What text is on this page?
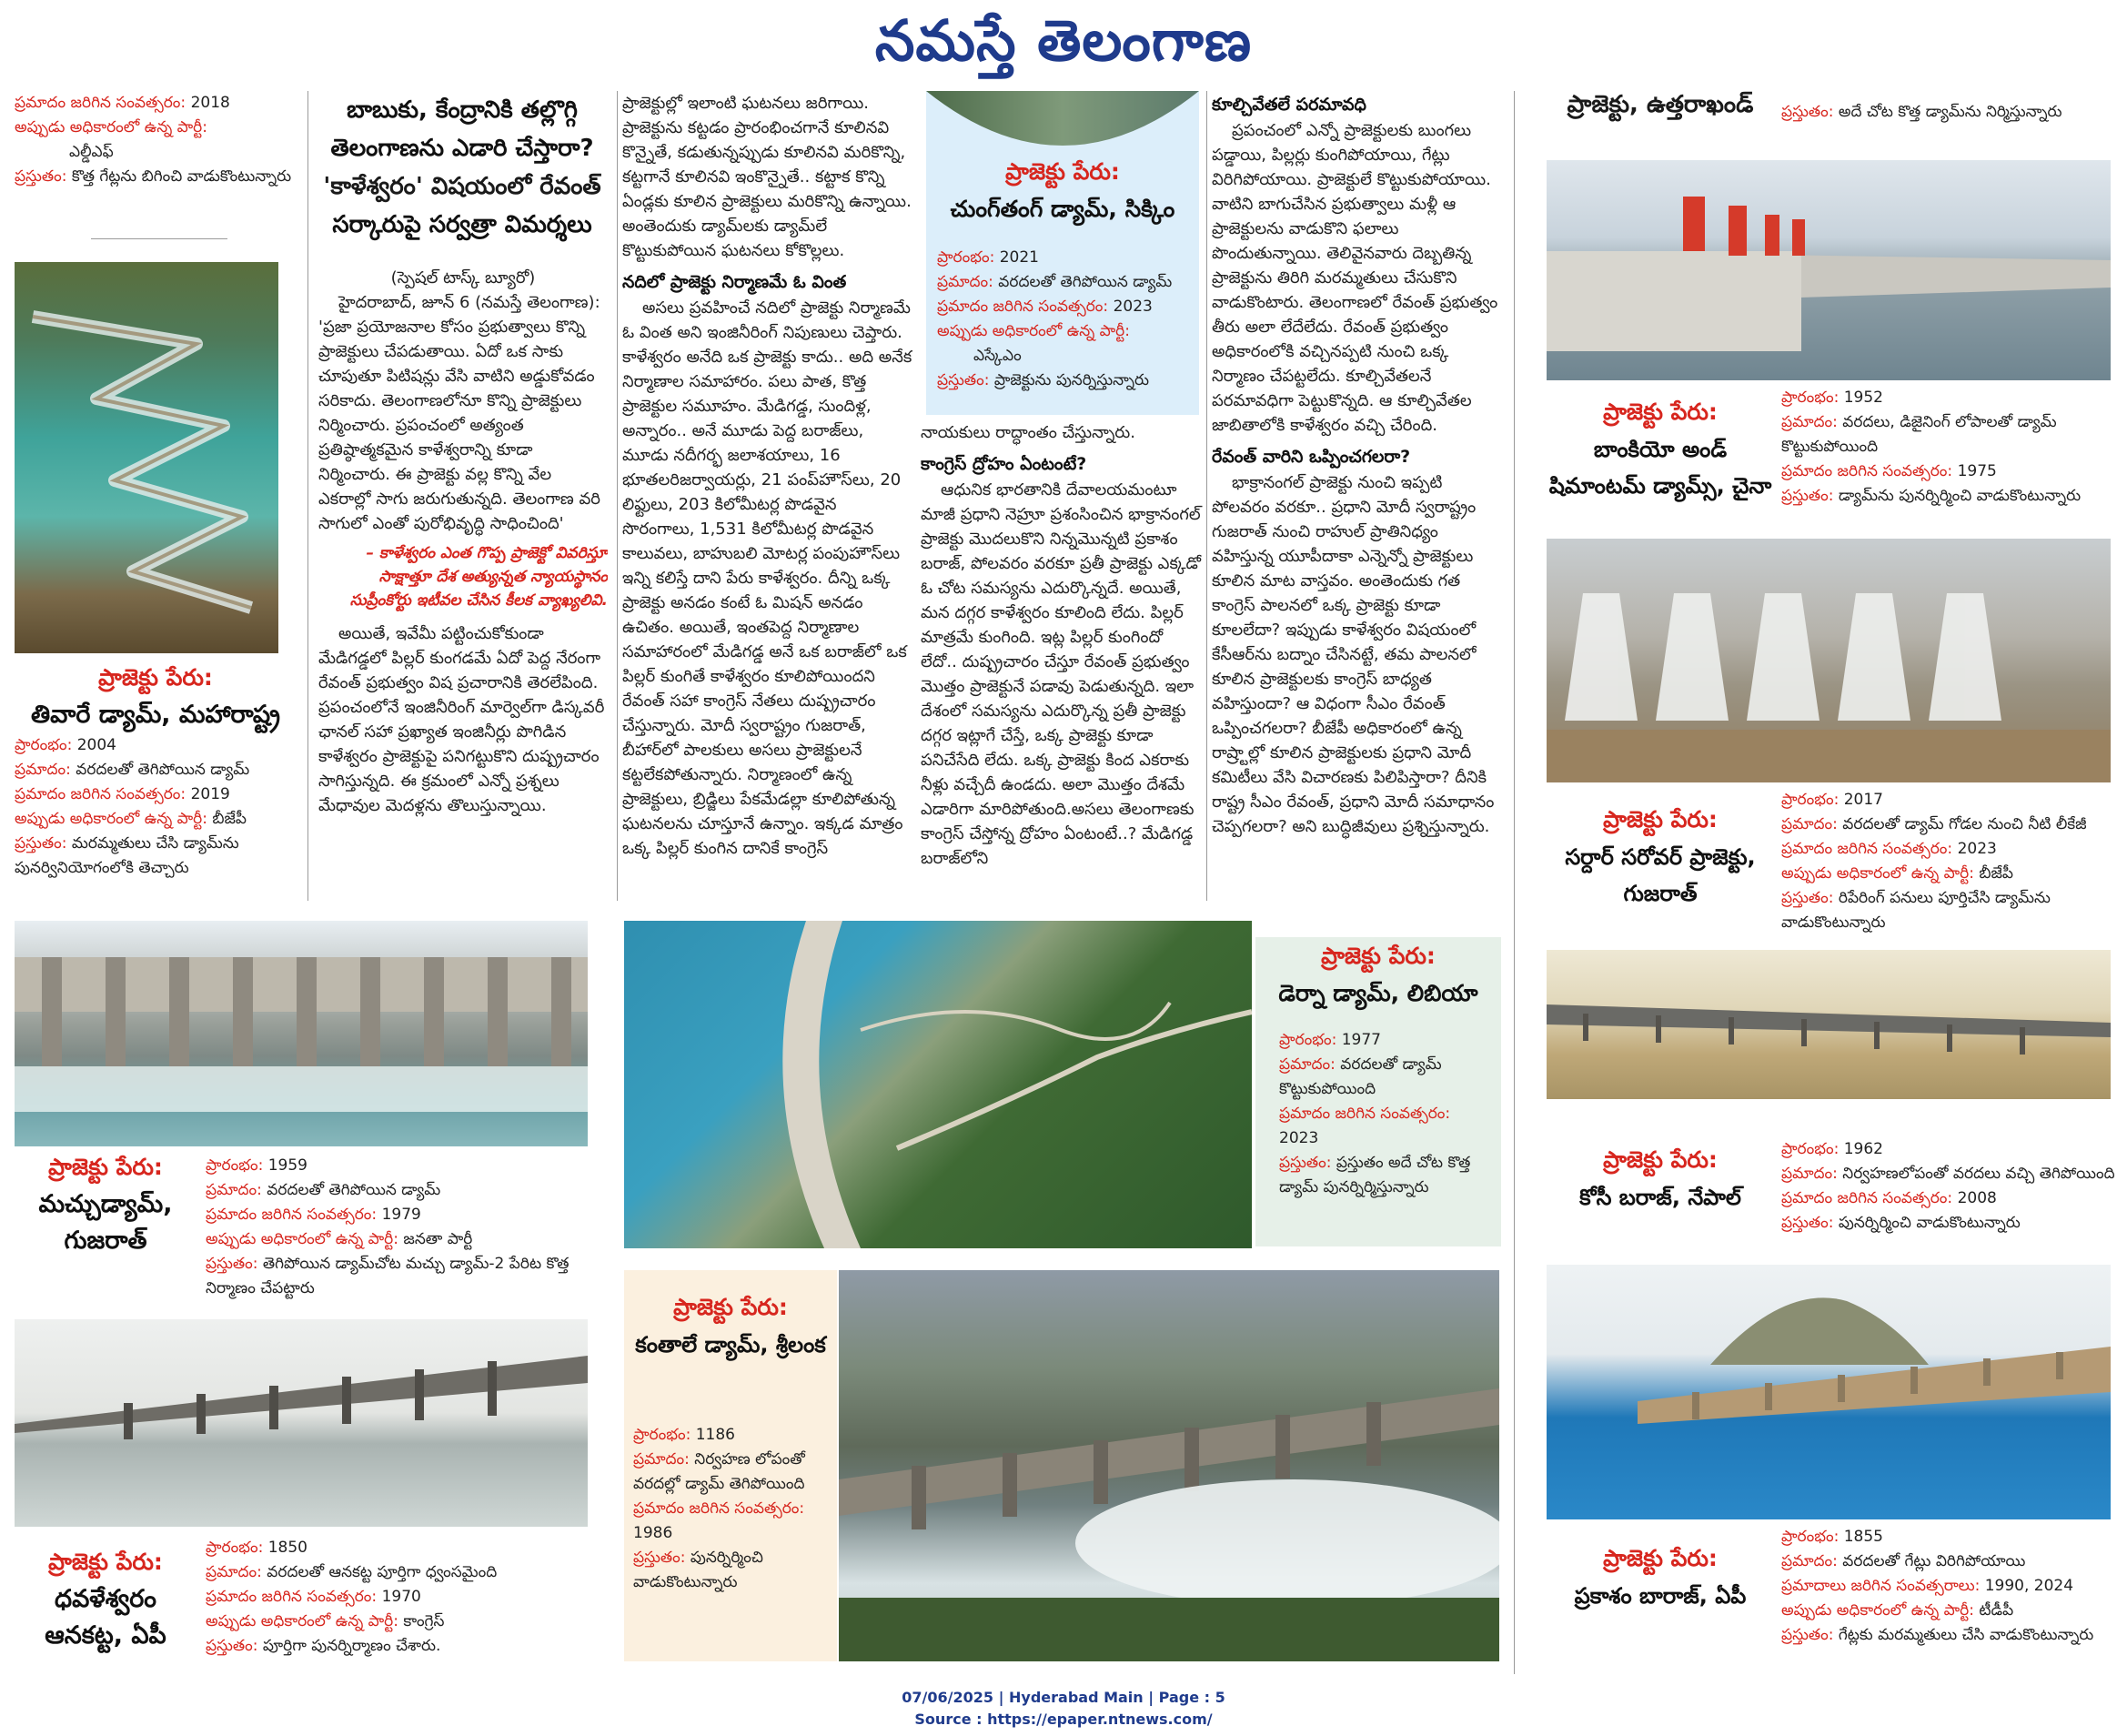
నమస్తే తెలంగాణ
ప్రమాదం జరిగిన సంవత్సరం: 2018
అప్పుడు అధికారంలో ఉన్న పార్టీ:
ఎల్డీఎఫ్
ప్రస్తుతం: కొత్త గేట్లను బిగించి వాడుకొంటున్నారు
ప్రాజెక్టు పేరు:
తివారే డ్యామ్, మహారాష్ట్ర
ప్రారంభం: 2004
ప్రమాదం: వరదలతో తెగిపోయిన డ్యామ్
ప్రమాదం జరిగిన సంవత్సరం: 2019
అప్పుడు అధికారంలో ఉన్న పార్టీ: బీజేపీ
ప్రస్తుతం: మరమ్మతులు చేసి డ్యామ్‌ను పునర్వినియోగంలోకి తెచ్చారు
ప్రాజెక్టు పేరు:
మచ్చుడ్యామ్, గుజరాత్
ప్రారంభం: 1959
ప్రమాదం: వరదలతో తెగిపోయిన డ్యామ్
ప్రమాదం జరిగిన సంవత్సరం: 1979
అప్పుడు అధికారంలో ఉన్న పార్టీ: జనతా పార్టీ
ప్రస్తుతం: తెగిపోయిన డ్యామ్‌చోట మచ్చు డ్యామ్-2 పేరిట కొత్త నిర్మాణం చేపట్టారు
ప్రాజెక్టు పేరు:
ధవళేశ్వరం ఆనకట్ట, ఏపీ
ప్రారంభం: 1850
ప్రమాదం: వరదలతో ఆనకట్ట పూర్తిగా ధ్వంసమైంది
ప్రమాదం జరిగిన సంవత్సరం: 1970
అప్పుడు అధికారంలో ఉన్న పార్టీ: కాంగ్రెస్
ప్రస్తుతం: పూర్తిగా పునర్నిర్మాణం చేశారు.
బాబుకు, కేంద్రానికి తల్లొగ్గి
తెలంగాణను ఎడారి చేస్తారా?
'కాళేశ్వరం' విషయంలో రేవంత్
సర్కారుపై సర్వత్రా విమర్శలు

(స్పెషల్ టాస్క్ బ్యూరో)

హైదరాబాద్, జూన్ 6 (నమస్తే తెలంగాణ): 'ప్రజా ప్రయోజనాల కోసం ప్రభుత్వాలు కొన్ని ప్రాజెక్టులు చేపడుతాయి. ఏదో ఒక సాకు చూపుతూ పిటిషన్లు వేసి వాటిని అడ్డుకోవడం సరికాదు. తెలంగాణలోనూ కొన్ని ప్రాజెక్టులు నిర్మించారు. ప్రపంచంలో అత్యంత ప్రతిష్ఠాత్మకమైన కాళేశ్వరాన్ని కూడా నిర్మించారు. ఈ ప్రాజెక్టు వల్ల కొన్ని వేల ఎకరాల్లో సాగు జరుగుతున్నది. తెలంగాణ వరి సాగులో ఎంతో పురోభివృద్ధి సాధించింది'

– కాళేశ్వరం ఎంత గొప్ప ప్రాజెక్టో వివరిస్తూ సాక్షాత్తూ దేశ అత్యున్నత న్యాయస్థానం సుప్రీంకోర్టు ఇటీవల చేసిన కీలక వ్యాఖ్యలివి.

అయితే, ఇవేమీ పట్టించుకోకుండా మేడిగడ్డలో పిల్లర్ కుంగడమే ఏదో పెద్ద నేరంగా రేవంత్ ప్రభుత్వం విష ప్రచారానికి తెరలేపింది. ప్రపంచంలోనే ఇంజినీరింగ్ మార్వెల్‌గా డిస్కవరీ ఛానల్ సహా ప్రఖ్యాత ఇంజినీర్లు పొగిడిన కాళేశ్వరం ప్రాజెక్టుపై పనిగట్టుకొని దుష్ప్రచారం సాగిస్తున్నది. ఈ క్రమంలో ఎన్నో ప్రశ్నలు మేధావుల మెదళ్లను తొలుస్తున్నాయి.

ప్రాజెక్టుల్లో ఇలాంటి ఘటనలు జరిగాయి. ప్రాజెక్టును కట్టడం ప్రారంభించగానే కూలినవి కొన్నైతే, కడుతున్నప్పుడు కూలినవి మరికొన్ని, కట్టగానే కూలినవి ఇంకొన్నైతే.. కట్టాక కొన్ని ఏండ్లకు కూలిన ప్రాజెక్టులు మరికొన్ని ఉన్నాయి. అంతెందుకు డ్యామ్‌లకు డ్యామ్‌లే కొట్టుకుపోయిన ఘటనలు కోకొల్లలు.

నదిలో ప్రాజెక్టు నిర్మాణమే ఓ వింత

అసలు ప్రవహించే నదిలో ప్రాజెక్టు నిర్మాణమే ఓ వింత అని ఇంజినీరింగ్ నిపుణులు చెప్తారు. కాళేశ్వరం అనేది ఒక ప్రాజెక్టు కాదు.. అది అనేక నిర్మాణాల సమాహారం. పలు పాత, కొత్త ప్రాజెక్టుల సమూహం. మేడిగడ్డ, సుందిళ్ల, అన్నారం.. అనే మూడు పెద్ద బరాజ్‌లు, మూడు నదీగర్భ జలాశయాలు, 16 భూతలరిజర్వాయర్లు, 21 పంప్‌హౌస్‌లు, 20 లిఫ్టులు, 203 కిలోమీటర్ల పొడవైన సొరంగాలు, 1,531 కిలోమీటర్ల పొడవైన కాలువలు, బాహుబలి మోటర్ల పంపుహౌస్‌లు ఇన్ని కలిస్తే దాని పేరు కాళేశ్వరం. దీన్ని ఒక్క ప్రాజెక్టు అనడం కంటే ఓ మిషన్ అనడం ఉచితం. అయితే, ఇంతపెద్ద నిర్మాణాల సమాహారంలో మేడిగడ్డ అనే ఒక బరాజ్‌లో ఒక పిల్లర్ కుంగితే కాళేశ్వరం కూలిపోయిందని రేవంత్ సహా కాంగ్రెస్ నేతలు దుష్ప్రచారం చేస్తున్నారు. మోదీ స్వరాష్ట్రం గుజరాత్, బీహార్‌లో పాలకులు అసలు ప్రాజెక్టులనే కట్టలేకపోతున్నారు. నిర్మాణంలో ఉన్న ప్రాజెక్టులు, బ్రిడ్జిలు పేకమేడల్లా కూలిపోతున్న ఘటనలను చూస్తూనే ఉన్నాం. ఇక్కడ మాత్రం ఒక్క పిల్లర్ కుంగిన దానికే కాంగ్రెస్

ప్రాజెక్టు పేరు:
చుంగ్‌తంగ్ డ్యామ్, సిక్కిం
ప్రారంభం: 2021
ప్రమాదం: వరదలతో తెగిపోయిన డ్యామ్
ప్రమాదం జరిగిన సంవత్సరం: 2023
అప్పుడు అధికారంలో ఉన్న పార్టీ:
ఎస్కేఎం
ప్రస్తుతం: ప్రాజెక్టును పునర్నిస్తున్నారు

నాయకులు రాద్ధాంతం చేస్తున్నారు.

కాంగ్రెస్ ద్రోహం ఏంటంటే?

ఆధునిక భారతానికి దేవాలయమంటూ మాజీ ప్రధాని నెహ్రూ ప్రశంసించిన భాక్రానంగల్ ప్రాజెక్టు మొదలుకొని నిన్నమొన్నటి ప్రకాశం బరాజ్, పోలవరం వరకూ ప్రతీ ప్రాజెక్టు ఎక్కడో ఓ చోట సమస్యను ఎదుర్కొన్నదే. అయితే, మన దగ్గర కాళేశ్వరం కూలింది లేదు. పిల్లర్ మాత్రమే కుంగింది. ఇట్ల పిల్లర్ కుంగిందో లేదో.. దుష్ప్రచారం చేస్తూ రేవంత్ ప్రభుత్వం మొత్తం ప్రాజెక్టునే పడావు పెడుతున్నది. ఇలా దేశంలో సమస్యను ఎదుర్కొన్న ప్రతీ ప్రాజెక్టు దగ్గర ఇట్లాగే చేస్తే, ఒక్క ప్రాజెక్టు కూడా పనిచేసేది లేదు. ఒక్క ప్రాజెక్టు కింద ఎకరాకు నీళ్లు వచ్చేదీ ఉండదు. అలా మొత్తం దేశమే ఎడారిగా మారిపోతుంది.అసలు తెలంగాణకు కాంగ్రెస్ చేస్తోన్న ద్రోహం ఏంటంటే..? మేడిగడ్డ బరాజ్‌లోని

కూల్చివేతలే పరమావధి

ప్రపంచంలో ఎన్నో ప్రాజెక్టులకు బుంగలు పడ్డాయి, పిల్లర్లు కుంగిపోయాయి, గేట్లు విరిగిపోయాయి. ప్రాజెక్టులే కొట్టుకుపోయాయి. వాటిని బాగుచేసిన ప్రభుత్వాలు మళ్లీ ఆ ప్రాజెక్టులను వాడుకొని ఫలాలు పొందుతున్నాయి. తెలివైనవారు దెబ్బతిన్న ప్రాజెక్టును తిరిగి మరమ్మతులు చేసుకొని వాడుకొంటారు. తెలంగాణలో రేవంత్ ప్రభుత్వం తీరు అలా లేదేలేదు. రేవంత్ ప్రభుత్వం అధికారంలోకి వచ్చినప్పటి నుంచి ఒక్క నిర్మాణం చేపట్టలేదు. కూల్చివేతలనే పరమావధిగా పెట్టుకొన్నది. ఆ కూల్చివేతల జాబితాలోకి కాళేశ్వరం వచ్చి చేరింది.

రేవంత్ వారిని ఒప్పించగలరా?

భాక్రానంగల్ ప్రాజెక్టు నుంచి ఇప్పటి పోలవరం వరకూ.. ప్రధాని మోదీ స్వరాష్ట్రం గుజరాత్ నుంచి రాహుల్ ప్రాతినిధ్యం వహిస్తున్న యూపీదాకా ఎన్నెన్నో ప్రాజెక్టులు కూలిన మాట వాస్తవం. అంతెందుకు గత కాంగ్రెస్ పాలనలో ఒక్క ప్రాజెక్టు కూడా కూలలేదా? ఇప్పుడు కాళేశ్వరం విషయంలో కేసీఆర్‌ను బద్నాం చేసినట్టే, తమ పాలనలో కూలిన ప్రాజెక్టులకు కాంగ్రెస్ బాధ్యత వహిస్తుందా? ఆ విధంగా సీఎం రేవంత్ ఒప్పించగలరా? బీజేపీ అధికారంలో ఉన్న రాష్ర్టాల్లో కూలిన ప్రాజెక్టులకు ప్రధాని మోదీ కమిటీలు వేసి విచారణకు పిలిపిస్తారా? దీనికి రాష్ట్ర సీఎం రేవంత్, ప్రధాని మోదీ సమాధానం చెప్పగలరా? అని బుద్ధిజీవులు ప్రశ్నిస్తున్నారు.

ప్రాజెక్టు పేరు:
డెర్నా డ్యామ్, లిబియా
ప్రారంభం: 1977
ప్రమాదం: వరదలతో డ్యామ్ కొట్టుకుపోయింది
ప్రమాదం జరిగిన సంవత్సరం:
2023
ప్రస్తుతం: ప్రస్తుతం అదే చోట కొత్త డ్యామ్ పునర్నిర్మిస్తున్నారు
ప్రాజెక్టు పేరు:
కంతాలే డ్యామ్, శ్రీలంక
ప్రారంభం: 1186
ప్రమాదం: నిర్వహణ లోపంతో వరదల్లో డ్యామ్ తెగిపోయింది
ప్రమాదం జరిగిన సంవత్సరం: 1986
ప్రస్తుతం: పునర్నిర్మించి వాడుకొంటున్నారు
ప్రాజెక్టు, ఉత్తరాఖండ్	ప్రస్తుతం: అదే చోట కొత్త డ్యామ్‌ను నిర్మిస్తున్నారు
ప్రాజెక్టు పేరు:
బాంకియో అండ్ షిమాంటమ్ డ్యామ్స్, చైనా
ప్రారంభం: 1952
ప్రమాదం: వరదలు, డిజైనింగ్ లోపాలతో డ్యామ్ కొట్టుకుపోయింది
ప్రమాదం జరిగిన సంవత్సరం: 1975
ప్రస్తుతం: డ్యామ్‌ను పునర్నిర్మించి వాడుకొంటున్నారు
ప్రాజెక్టు పేరు:
సర్దార్ సరోవర్ ప్రాజెక్టు, గుజరాత్
ప్రారంభం: 2017
ప్రమాదం: వరదలతో డ్యామ్ గోడల నుంచి నీటి లీకేజీ
ప్రమాదం జరిగిన సంవత్సరం: 2023
అప్పుడు అధికారంలో ఉన్న పార్టీ: బీజేపీ
ప్రస్తుతం: రిపేరింగ్ పనులు పూర్తిచేసి డ్యామ్‌ను వాడుకొంటున్నారు
ప్రాజెక్టు పేరు:
కోసీ బరాజ్, నేపాల్
ప్రారంభం: 1962
ప్రమాదం: నిర్వహణలోపంతో వరదలు వచ్చి తెగిపోయింది
ప్రమాదం జరిగిన సంవత్సరం: 2008
ప్రస్తుతం: పునర్నిర్మించి వాడుకొంటున్నారు
ప్రాజెక్టు పేరు:
ప్రకాశం బారాజ్, ఏపీ
ప్రారంభం: 1855
ప్రమాదం: వరదలతో గేట్లు విరిగిపోయాయి
ప్రమాదాలు జరిగిన సంవత్సరాలు: 1990, 2024
అప్పుడు అధికారంలో ఉన్న పార్టీ: టీడీపీ
ప్రస్తుతం: గేట్లకు మరమ్మతులు చేసి వాడుకొంటున్నారు
07/06/2025 | Hyderabad Main | Page : 5
Source : https://epaper.ntnews.com/
